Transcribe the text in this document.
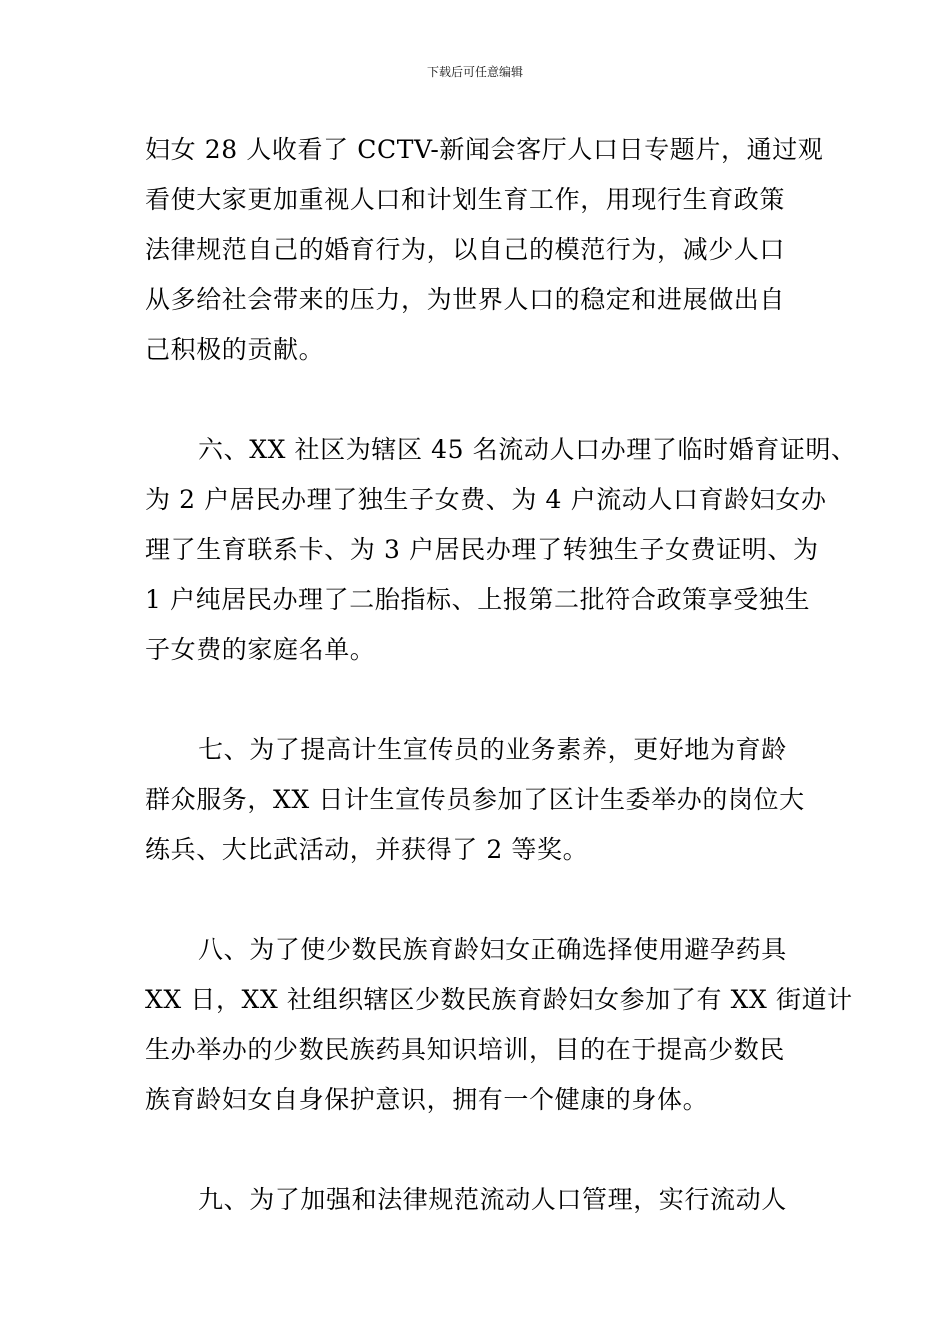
下载后可任意编辑
妇女 28 人收看了 CCTV-新闻会客厅人口日专题片，通过观
看使大家更加重视人口和计划生育工作，用现行生育政策
法律规范自己的婚育行为，以自己的模范行为，减少人口
从多给社会带来的压力，为世界人口的稳定和进展做出自
己积极的贡献。
六、XX 社区为辖区 45 名流动人口办理了临时婚育证明、
为 2 户居民办理了独生子女费、为 4 户流动人口育龄妇女办
理了生育联系卡、为 3 户居民办理了转独生子女费证明、为
1 户纯居民办理了二胎指标、上报第二批符合政策享受独生
子女费的家庭名单。
七、为了提高计生宣传员的业务素养，更好地为育龄
群众服务，XX 日计生宣传员参加了区计生委举办的岗位大
练兵、大比武活动，并获得了 2 等奖。
八、为了使少数民族育龄妇女正确选择使用避孕药具
XX 日，XX 社组织辖区少数民族育龄妇女参加了有 XX 街道计
生办举办的少数民族药具知识培训，目的在于提高少数民
族育龄妇女自身保护意识，拥有一个健康的身体。
九、为了加强和法律规范流动人口管理，实行流动人
